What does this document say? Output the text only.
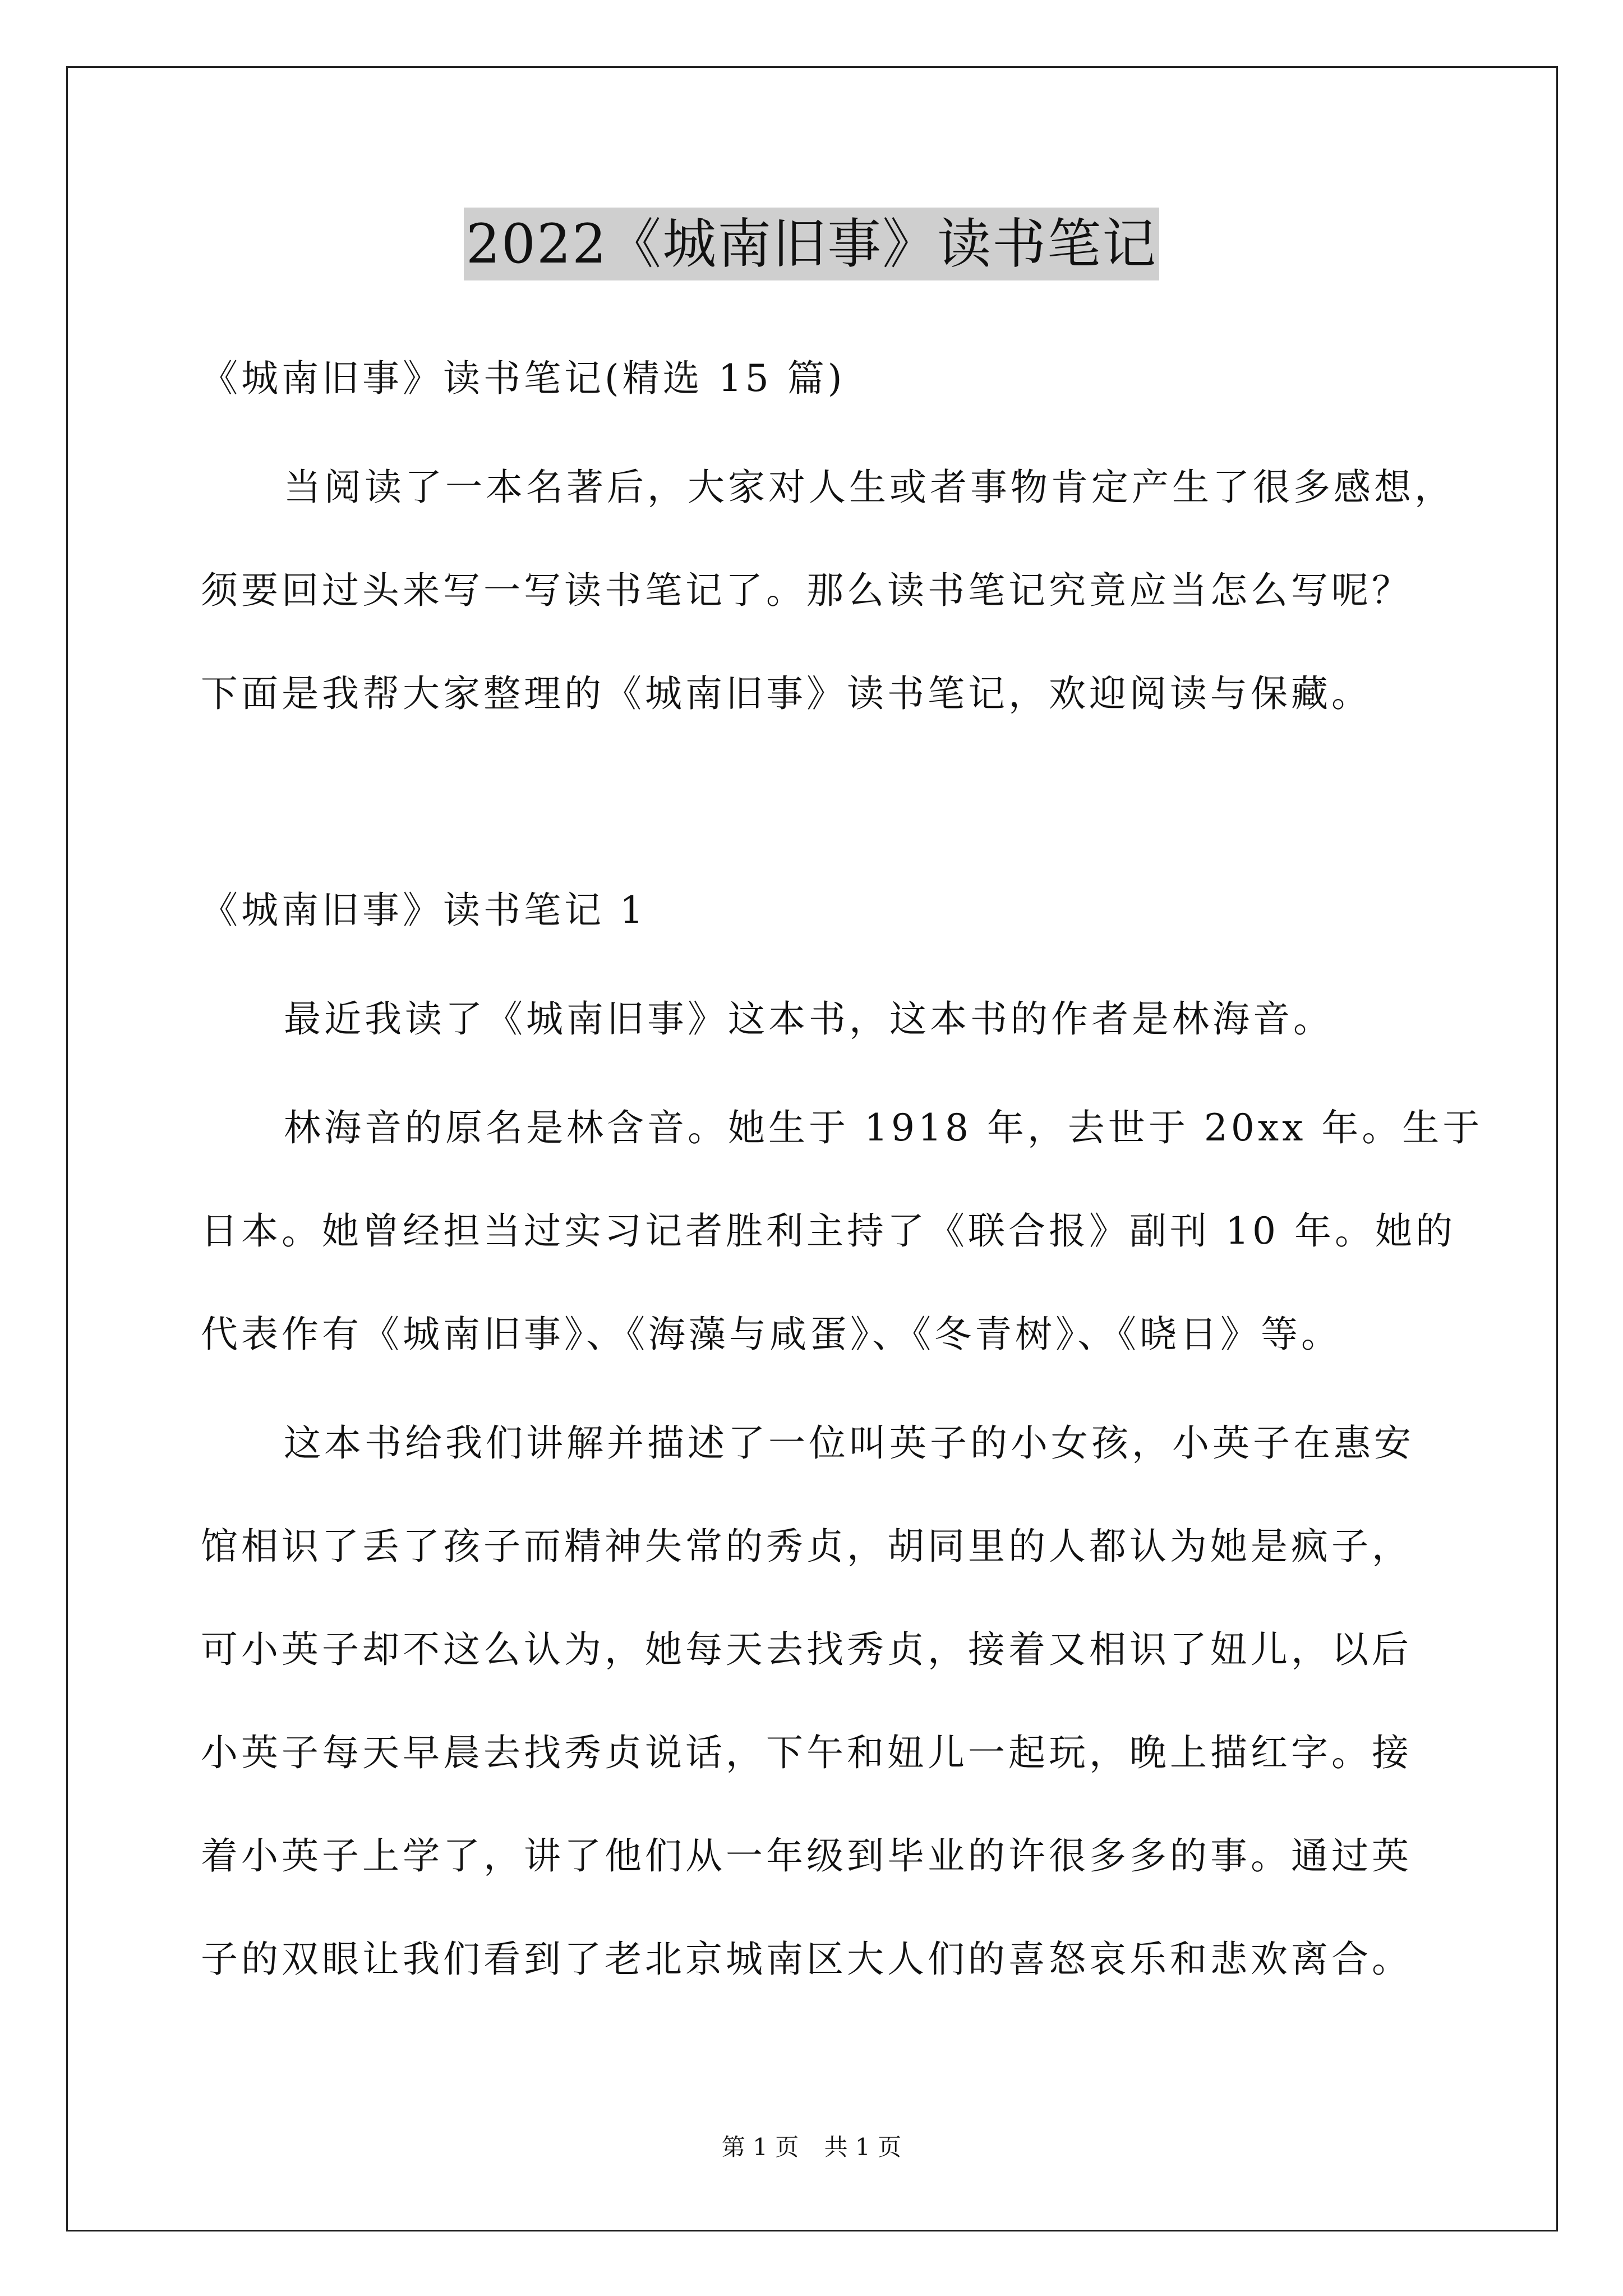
2022《城南旧事》读书笔记
《城南旧事》读书笔记(精选 15 篇)
当阅读了一本名著后，大家对人生或者事物肯定产生了很多感想，
须要回过头来写一写读书笔记了。那么读书笔记究竟应当怎么写呢？
下面是我帮大家整理的《城南旧事》读书笔记，欢迎阅读与保藏。
《城南旧事》读书笔记 1
最近我读了《城南旧事》这本书，这本书的作者是林海音。
林海音的原名是林含音。她生于 1918 年，去世于 20xx 年。生于
日本。她曾经担当过实习记者胜利主持了《联合报》副刊 10 年。她的
代表作有《城南旧事》、《海藻与咸蛋》、《冬青树》、《晓日》等。
这本书给我们讲解并描述了一位叫英子的小女孩，小英子在惠安
馆相识了丢了孩子而精神失常的秀贞，胡同里的人都认为她是疯子，
可小英子却不这么认为，她每天去找秀贞，接着又相识了妞儿，以后
小英子每天早晨去找秀贞说话，下午和妞儿一起玩，晚上描红字。接
着小英子上学了，讲了他们从一年级到毕业的许很多多的事。通过英
子的双眼让我们看到了老北京城南区大人们的喜怒哀乐和悲欢离合。
第 1 页 共 1 页
